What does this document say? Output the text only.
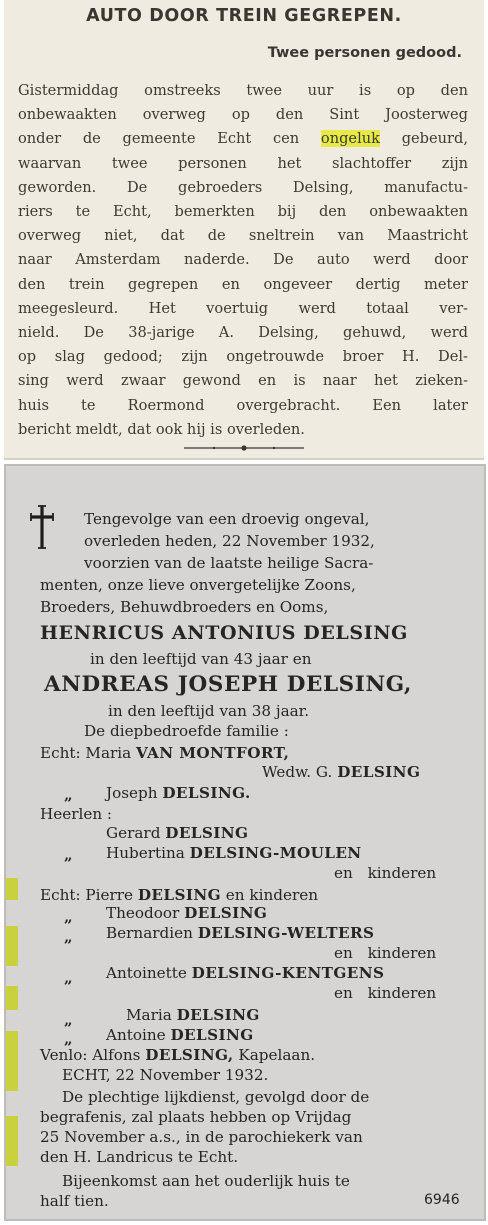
AUTO DOOR TREIN GEGREPEN.
Twee personen gedood.
Gistermiddag omstreeks twee uur is op den
onbewaakten overweg op den Sint Joosterweg
onder de gemeente Echt cen ongeluk gebeurd,
waarvan twee personen het slachtoffer zijn
geworden. De gebroeders Delsing, manufactu-
riers te Echt, bemerkten bij den onbewaakten
overweg niet, dat de sneltrein van Maastricht
naar Amsterdam naderde. De auto werd door
den trein gegrepen en ongeveer dertig meter
meegesleurd. Het voertuig werd totaal ver-
nield. De 38-jarige A. Delsing, gehuwd, werd
op slag gedood; zijn ongetrouwde broer H. Del-
sing werd zwaar gewond en is naar het zieken-
huis te Roermond overgebracht. Een later
bericht meldt, dat ook hij is overleden.
Tengevolge van een droevig ongeval,
overleden heden, 22 November 1932,
voorzien van de laatste heilige Sacra-
menten, onze lieve onvergetelijke Zoons,
Broeders, Behuwdbroeders en Ooms,
HENRICUS ANTONIUS DELSING
in den leeftijd van 43 jaar en
ANDREAS JOSEPH DELSING,
in den leeftijd van 38 jaar.
De diepbedroefde familie :
Echt: Maria VAN MONTFORT,
Wedw. G. DELSING
„ Joseph DELSING.
Heerlen :
Gerard DELSING
„ Hubertina DELSING-MOULEN
en kinderen
Echt: Pierre DELSING en kinderen
„ Theodoor DELSING
„ Bernardien DELSING-WELTERS
en kinderen
„ Antoinette DELSING-KENTGENS
en kinderen
„	Maria DELSING
„ Antoine DELSING
Venlo: Alfons DELSING, Kapelaan.
ECHT, 22 November 1932.
De plechtige lijkdienst, gevolgd door de
begrafenis, zal plaats hebben op Vrijdag
25 November a.s., in de parochiekerk van
den H. Landricus te Echt.
Bijeenkomst aan het ouderlijk huis te
half tien.	6946
